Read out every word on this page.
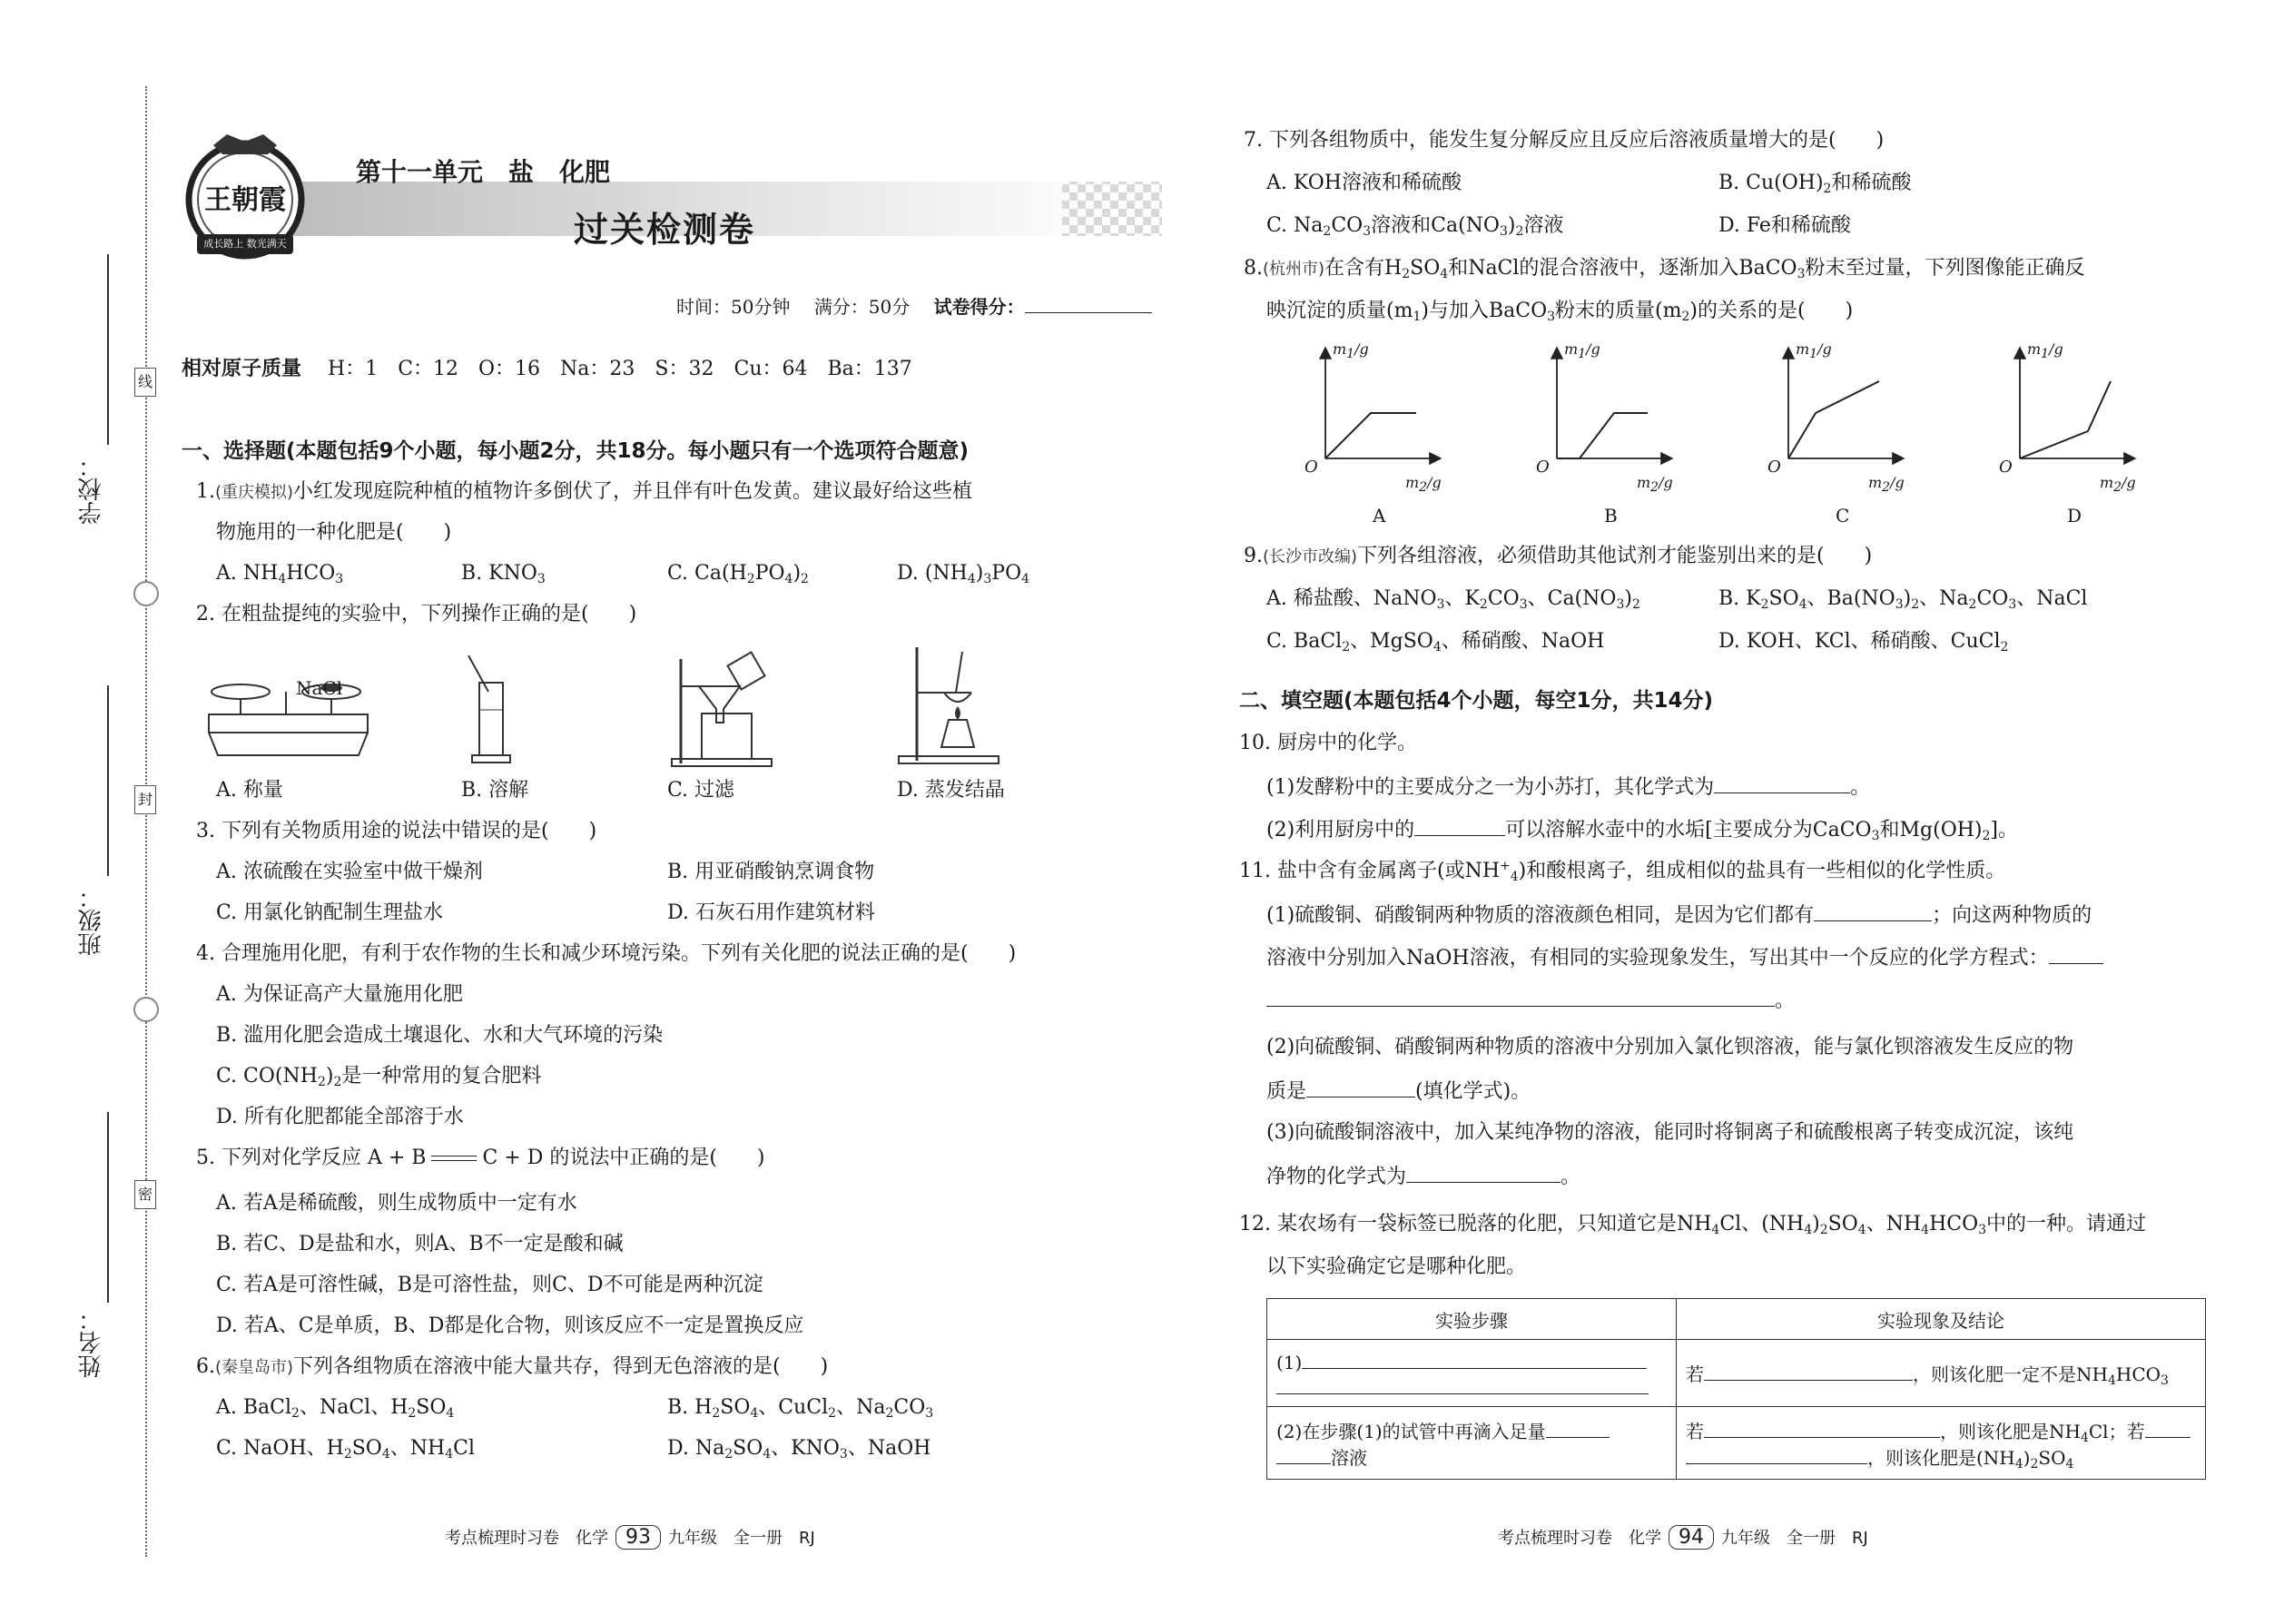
学校：
班级：
姓名：
线
封
密
王朝霞
成长路上 数光满天
第十一单元　盐　化肥
过关检测卷
时间：50分钟　 满分：50分　 试卷得分：
相对原子质量　 H：1　C：12　O：16　Na：23　S：32　Cu：64　Ba：137
一、选择题(本题包括9个小题，每小题2分，共18分。每小题只有一个选项符合题意)
1.(重庆模拟)小红发现庭院种植的植物许多倒伏了，并且伴有叶色发黄。建议最好给这些植
物施用的一种化肥是(　　)
A. $NH_4HCO_3$	B. $KNO_3$	C. $Ca(H_2PO_4)_2$	D. $(NH_4)_3PO_4$
2. 在粗盐提纯的实验中，下列操作正确的是(　　)
NaCl
A. 称量	B. 溶解	C. 过滤	D. 蒸发结晶
3. 下列有关物质用途的说法中错误的是(　　)
A. 浓硫酸在实验室中做干燥剂	B. 用亚硝酸钠烹调食物
C. 用氯化钠配制生理盐水	D. 石灰石用作建筑材料
4. 合理施用化肥，有利于农作物的生长和减少环境污染。下列有关化肥的说法正确的是(　　)
A. 为保证高产大量施用化肥
B. 滥用化肥会造成土壤退化、水和大气环境的污染
C. $CO(NH_2)_2$是一种常用的复合肥料
D. 所有化肥都能全部溶于水
5. 下列对化学反应 A + B	C + D 的说法中正确的是(　　)
A. 若A是稀硫酸，则生成物质中一定有水
B. 若C、D是盐和水，则A、B不一定是酸和碱
C. 若A是可溶性碱，B是可溶性盐，则C、D不可能是两种沉淀
D. 若A、C是单质，B、D都是化合物，则该反应不一定是置换反应
6.(秦皇岛市)下列各组物质在溶液中能大量共存，得到无色溶液的是(　　)
A. BaCl$_2$、NaCl、$H_2SO_4$	B. $H_2SO_4$、CuCl$_2$、$Na_2CO_3$
C. NaOH、$H_2SO_4$、$NH_4Cl$	D. $Na_2SO_4$、$KNO_3$、NaOH
考点梳理时习卷　化学 93 九年级　全一册　RJ
7. 下列各组物质中，能发生复分解反应且反应后溶液质量增大的是(　　)
A. KOH溶液和稀硫酸	B. $Cu(OH)_2$和稀硫酸
C. $Na_2CO_3$溶液和$Ca(NO_3)_2$溶液	D. Fe和稀硫酸
8.(杭州市)在含有$H_2SO_4$和NaCl的混合溶液中，逐渐加入BaCO$_3$粉末至过量，下列图像能正确反
映沉淀的质量$(m_1)$与加入BaCO$_3$粉末的质量$(m_2)$的关系的是(　　)
$m_1/g$	$m_1/g$	$m_1/g$	$m_1/g$
$m_2/g$	$m_2/g$	$m_2/g$	$m_2/g$
O	O	O	O
A	B	C	D
9.(长沙市改编)下列各组溶液，必须借助其他试剂才能鉴别出来的是(　　)
A. 稀盐酸、NaNO$_3$、$K_2CO_3$、$Ca(NO_3)_2$	B. $K_2SO_4$、$Ba(NO_3)_2$、$Na_2CO_3$、NaCl
C. BaCl$_2$、MgSO$_4$、稀硝酸、NaOH	D. KOH、KCl、稀硝酸、CuCl$_2$
二、填空题(本题包括4个小题，每空1分，共14分)
10. 厨房中的化学。
(1)发酵粉中的主要成分之一为小苏打，其化学式为	。
(2)利用厨房中的	可以溶解水壶中的水垢[主要成分为CaCO$_3$和$Mg(OH)_2$]。
11. 盐中含有金属离子(或$NH^+_4$)和酸根离子，组成相似的盐具有一些相似的化学性质。
(1)硫酸铜、硝酸铜两种物质的溶液颜色相同，是因为它们都有	；向这两种物质的
溶液中分别加入NaOH溶液，有相同的实验现象发生，写出其中一个反应的化学方程式：
。
(2)向硫酸铜、硝酸铜两种物质的溶液中分别加入氯化钡溶液，能与氯化钡溶液发生反应的物
质是	(填化学式)。
(3)向硫酸铜溶液中，加入某纯净物的溶液，能同时将铜离子和硫酸根离子转变成沉淀，该纯
净物的化学式为	。
12. 某农场有一袋标签已脱落的化肥，只知道它是$NH_4Cl$、$(NH_4)_2SO_4$、$NH_4HCO_3$中的一种。请通过
以下实验确定它是哪种化肥。
实验步骤	实验现象及结论
(1)	若 ，则该化肥一定不是$NH_4HCO_3$
(2)在步骤(1)的试管中再滴入足量
溶液	若 ，则该化肥是$NH_4Cl$；若
，则该化肥是$(NH_4)_2SO_4$
考点梳理时习卷　化学 94 九年级　全一册　RJ
